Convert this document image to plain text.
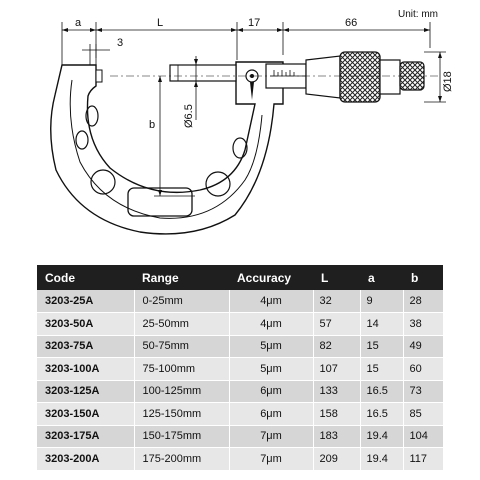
Unit: mm
a	L	17	66
3
Ø18
b	Ø6.5
Code	Range	Accuracy	L	a	b
3203-25A	0-25mm	4μm	32	9	28
3203-50A	25-50mm	4μm	57	14	38
3203-75A	50-75mm	5μm	82	15	49
3203-100A	75-100mm	5μm	107	15	60
3203-125A	100-125mm	6μm	133	16.5	73
3203-150A	125-150mm	6μm	158	16.5	85
3203-175A	150-175mm	7μm	183	19.4	104
3203-200A	175-200mm	7μm	209	19.4	117
